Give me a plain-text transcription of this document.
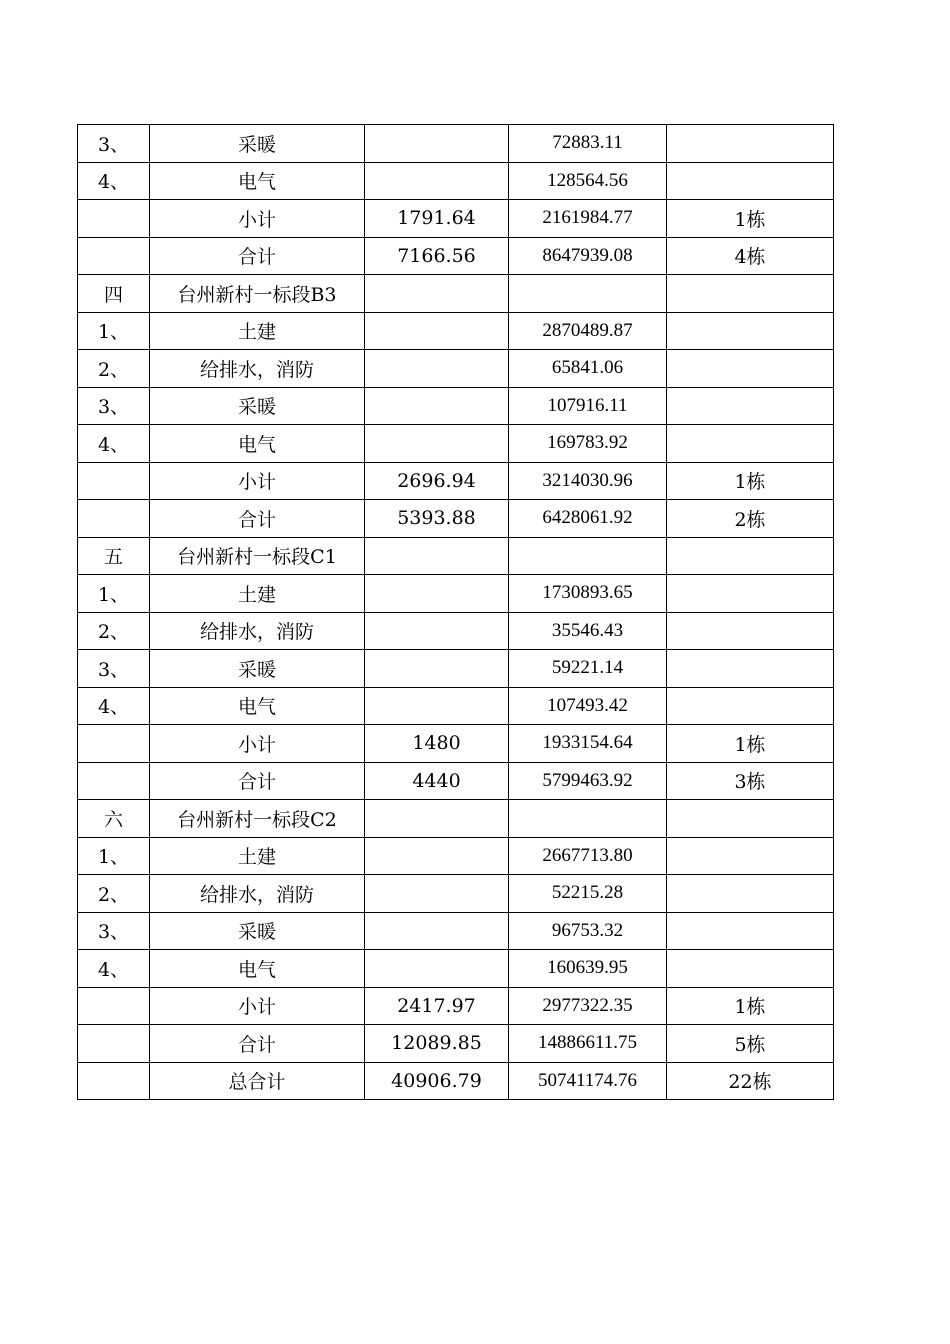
3、	采暖		72883.11	
4、	电气		128564.56	
	小计	1791.64	2161984.77	1栋
	合计	7166.56	8647939.08	4栋
四	台州新村一标段B3			
1、	土建		2870489.87	
2、	给排水，消防		65841.06	
3、	采暖		107916.11	
4、	电气		169783.92	
	小计	2696.94	3214030.96	1栋
	合计	5393.88	6428061.92	2栋
五	台州新村一标段C1			
1、	土建		1730893.65	
2、	给排水，消防		35546.43	
3、	采暖		59221.14	
4、	电气		107493.42	
	小计	1480	1933154.64	1栋
	合计	4440	5799463.92	3栋
六	台州新村一标段C2			
1、	土建		2667713.80	
2、	给排水，消防		52215.28	
3、	采暖		96753.32	
4、	电气		160639.95	
	小计	2417.97	2977322.35	1栋
	合计	12089.85	14886611.75	5栋
	总合计	40906.79	50741174.76	22栋
